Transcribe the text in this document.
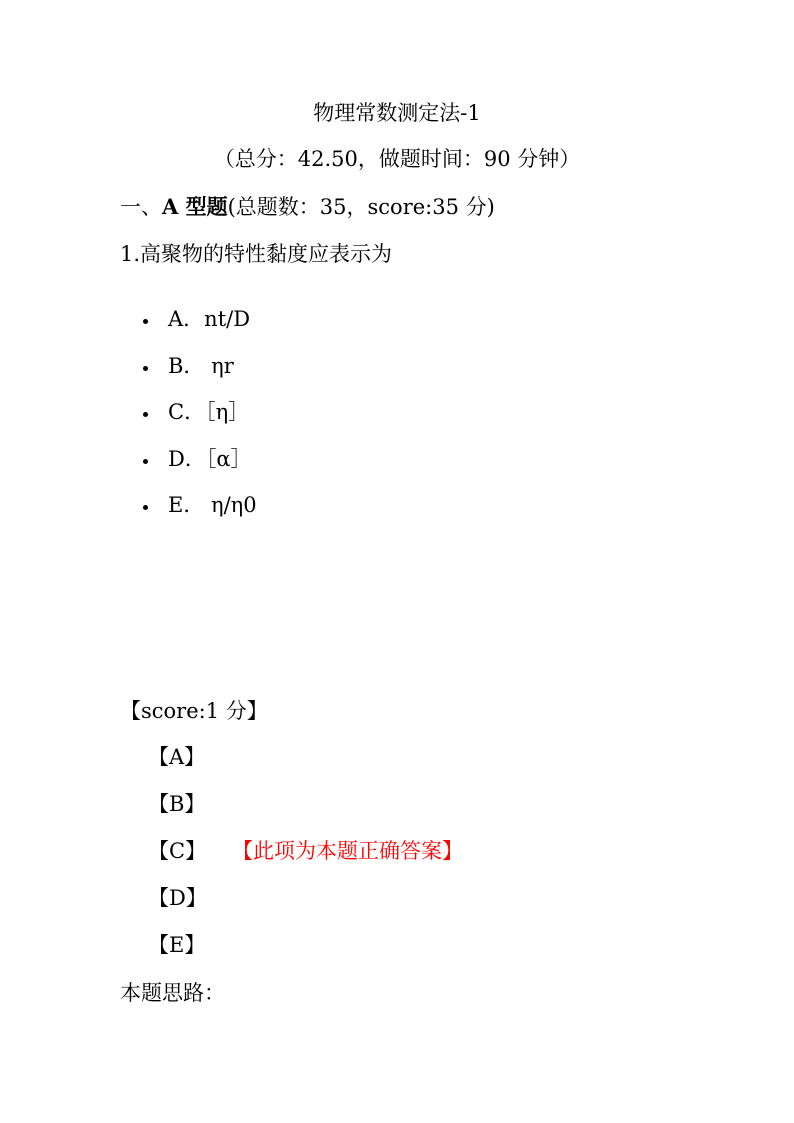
物理常数测定法-1
（总分：42.50，做题时间：90 分钟）
一、A 型题(总题数：35，score:35 分)
1.高聚物的特性黏度应表示为
A．nt/D
B． ηr
C．［η］
D．［α］
E． η/η0
【score:1 分】
【A】
【B】
【C】 【此项为本题正确答案】
【D】
【E】
本题思路：
